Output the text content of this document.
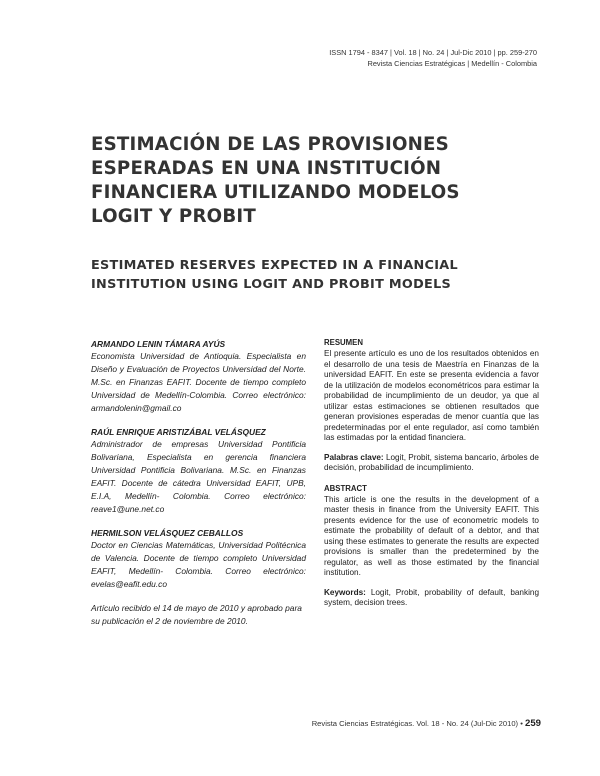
ISSN 1794 - 8347 | Vol. 18 | No. 24 | Jul-Dic 2010 | pp. 259-270
Revista Ciencias Estratégicas | Medellín - Colombia
ESTIMACIÓN DE LAS PROVISIONES ESPERADAS EN UNA INSTITUCIÓN FINANCIERA UTILIZANDO MODELOS LOGIT Y PROBIT
ESTIMATED RESERVES EXPECTED IN A FINANCIAL INSTITUTION USING LOGIT AND PROBIT MODELS

ARMANDO LENIN TÁMARA AYÚS

Economista Universidad de Antioquia. Especialista en Diseño y Evaluación de Proyectos Universidad del Norte. M.Sc. en Finanzas EAFIT. Docente de tiempo completo Universidad de Medellín-Colombia. Correo electrónico: armandolenin@gmail.co

RAÚL ENRIQUE ARISTIZÁBAL VELÁSQUEZ

Administrador de empresas Universidad Pontificia Bolivariana, Especialista en gerencia financiera Universidad Pontificia Bolivariana. M.Sc. en Finanzas EAFIT. Docente de cátedra Universidad EAFIT, UPB, E.I.A, Medellín- Colombia. Correo electrónico: reave1@une.net.co

HERMILSON VELÁSQUEZ CEBALLOS

Doctor en Ciencias Matemáticas, Universidad Politécnica de Valencia. Docente de tiempo completo Universidad EAFIT, Medellín- Colombia. Correo electrónico: evelas@eafit.edu.co

Artículo recibido el 14 de mayo de 2010 y aprobado para su publicación el 2 de noviembre de 2010.

RESUMEN

El presente artículo es uno de los resultados obtenidos en el desarrollo de una tesis de Maestría en Finanzas de la universidad EAFIT. En este se presenta evidencia a favor de la utilización de modelos econométricos para estimar la probabilidad de incumplimiento de un deudor, ya que al utilizar estas estimaciones se obtienen resultados que generan provisiones esperadas de menor cuantía que las predeterminadas por el ente regulador, así como también las estimadas por la entidad financiera.

Palabras clave: Logit, Probit, sistema bancario, árboles de decisión, probabilidad de incumplimiento.

ABSTRACT

This article is one the results in the development of a master thesis in finance from the University EAFIT. This presents evidence for the use of econometric models to estimate the probability of default of a debtor, and that using these estimates to generate the results are expected provisions is smaller than the predetermined by the regulator, as well as those estimated by the financial institution.

Keywords: Logit, Probit, probability of default, banking system, decision trees.

Revista Ciencias Estratégicas. Vol. 18 - No. 24 (Jul-Dic 2010) • 259
